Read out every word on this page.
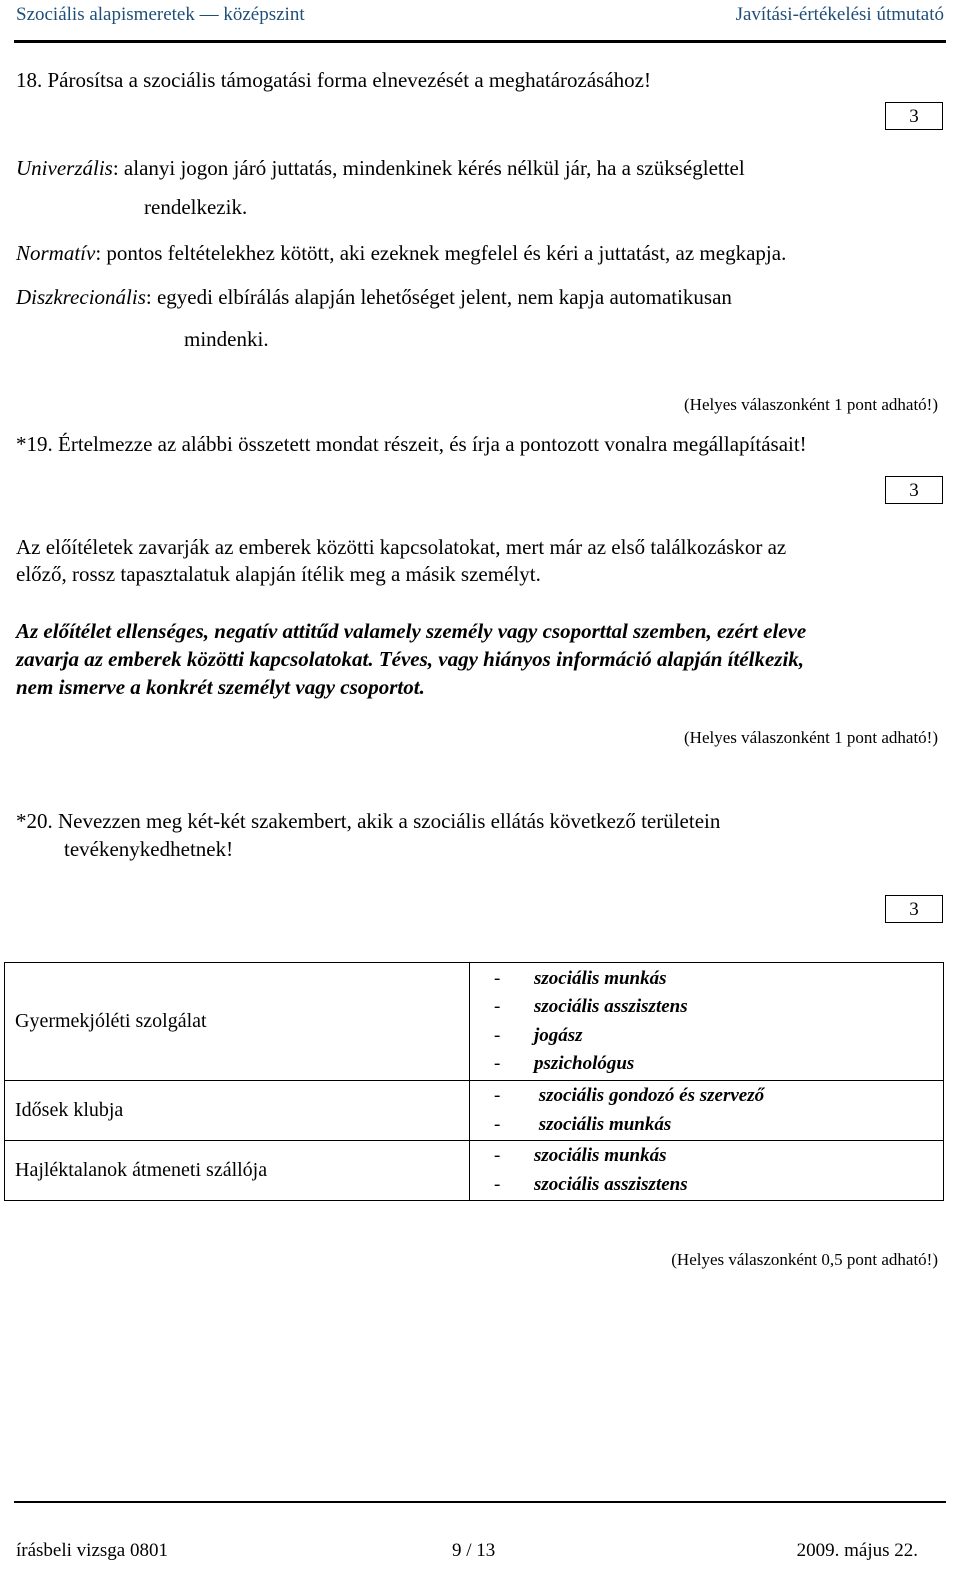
Szociális alapismeretek — középszint	Javítási-értékelési útmutató
18. Párosítsa a szociális támogatási forma elnevezését a meghatározásához!
3
Univerzális: alanyi jogon járó juttatás, mindenkinek kérés nélkül jár, ha a szükséglettel
rendelkezik.
Normatív: pontos feltételekhez kötött, aki ezeknek megfelel és kéri a juttatást, az megkapja.
Diszkrecionális: egyedi elbírálás alapján lehetőséget jelent, nem kapja automatikusan
mindenki.
(Helyes válaszonként 1 pont adható!)
*19. Értelmezze az alábbi összetett mondat részeit, és írja a pontozott vonalra megállapításait!
3
Az előítéletek zavarják az emberek közötti kapcsolatokat, mert már az első találkozáskor az
előző, rossz tapasztalatuk alapján ítélik meg a másik személyt.
Az előítélet ellenséges, negatív attitűd valamely személy vagy csoporttal szemben, ezért eleve
zavarja az emberek közötti kapcsolatokat. Téves, vagy hiányos információ alapján ítélkezik,
nem ismerve a konkrét személyt vagy csoportot.
(Helyes válaszonként 1 pont adható!)
*20. Nevezzen meg két-két szakembert, akik a szociális ellátás következő területein
tevékenykedhetnek!
3
Gyermekjóléti szolgálat	- szociális munkás
- szociális asszisztens
- jogász
- pszichológus

Idősek klubja	- szociális gondozó és szervező
- szociális munkás

Hajléktalanok átmeneti szállója	- szociális munkás
- szociális asszisztens
(Helyes válaszonként 0,5 pont adható!)
írásbeli vizsga 0801	9 / 13	2009. május 22.
